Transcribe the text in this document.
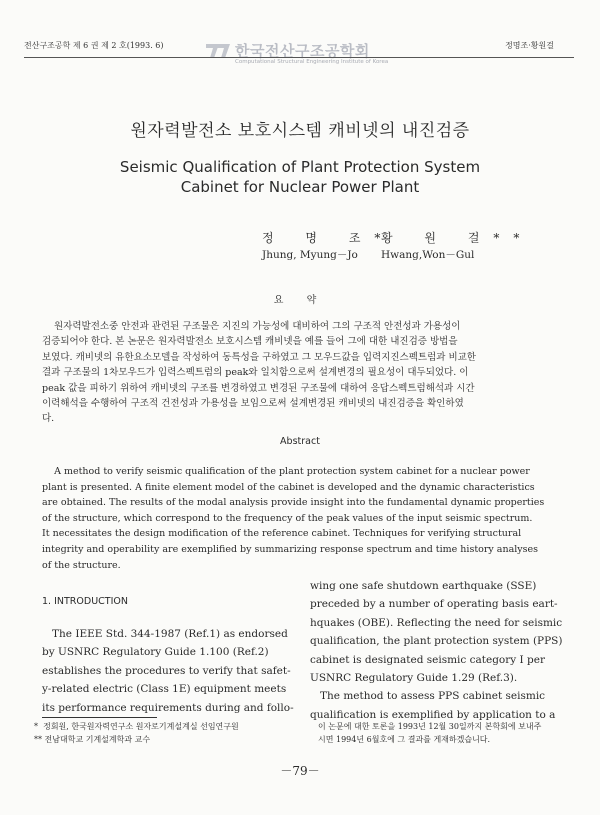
전산구조공학 제 6 권 제 2 호(1993. 6)	한국전산구조공학회
Computational Structural Engineering Institute of Korea
정명조·황원걸
원자력발전소 보호시스템 캐비넷의 내진검증
Seismic Qualification of Plant Protection System
Cabinet for Nuclear Power Plant
정 명 조*
황 원 걸**
Jhung, Myung－Jo Hwang,Won－Gul
요 약
원자력발전소중 안전과 관련된 구조물은 지진의 가능성에 대비하여 그의 구조적 안전성과 가용성이
검증되어야 한다. 본 논문은 원자력발전소 보호시스템 캐비넷을 예를 들어 그에 대한 내진검증 방법을
보였다. 캐비넷의 유한요소모델을 작성하여 동특성을 구하였고 그 모우드값을 입력지진스펙트럼과 비교한
결과 구조물의 1차모우드가 입력스펙트럼의 peak와 일치함으로써 설계변경의 필요성이 대두되었다. 이
peak 값을 피하기 위하여 캐비넷의 구조를 변경하였고 변경된 구조물에 대하여 응답스펙트럼해석과 시간
이력해석을 수행하여 구조적 건전성과 가용성을 보임으로써 설계변경된 캐비넷의 내진검증을 확인하였
다.
Abstract
A method to verify seismic qualification of the plant protection system cabinet for a nuclear power
plant is presented. A finite element model of the cabinet is developed and the dynamic characteristics
are obtained. The results of the modal analysis provide insight into the fundamental dynamic properties
of the structure, which correspond to the frequency of the peak values of the input seismic spectrum.
It necessitates the design modification of the reference cabinet. Techniques for verifying structural
integrity and operability are exemplified by summarizing response spectrum and time history analyses
of the structure.
1. INTRODUCTION
The IEEE Std. 344-1987 (Ref.1) as endorsed
by USNRC Regulatory Guide 1.100 (Ref.2)
establishes the procedures to verify that safet-
y-related electric (Class 1E) equipment meets
its performance requirements during and follo-
wing one safe shutdown earthquake (SSE)
preceded by a number of operating basis eart-
hquakes (OBE). Reflecting the need for seismic
qualification, the plant protection system (PPS)
cabinet is designated seismic category I per
USNRC Regulatory Guide 1.29 (Ref.3).
The method to assess PPS cabinet seismic
qualification is exemplified by application to a
*  정회원, 한국원자력연구소 원자로기계설계실 선임연구원
** 전남대학교 기계설계학과 교수
이 논문에 대한 토론을 1993년 12월 30일까지 본학회에 보내주
시면 1994년 6월호에 그 결과를 게재하겠습니다.
－79－
